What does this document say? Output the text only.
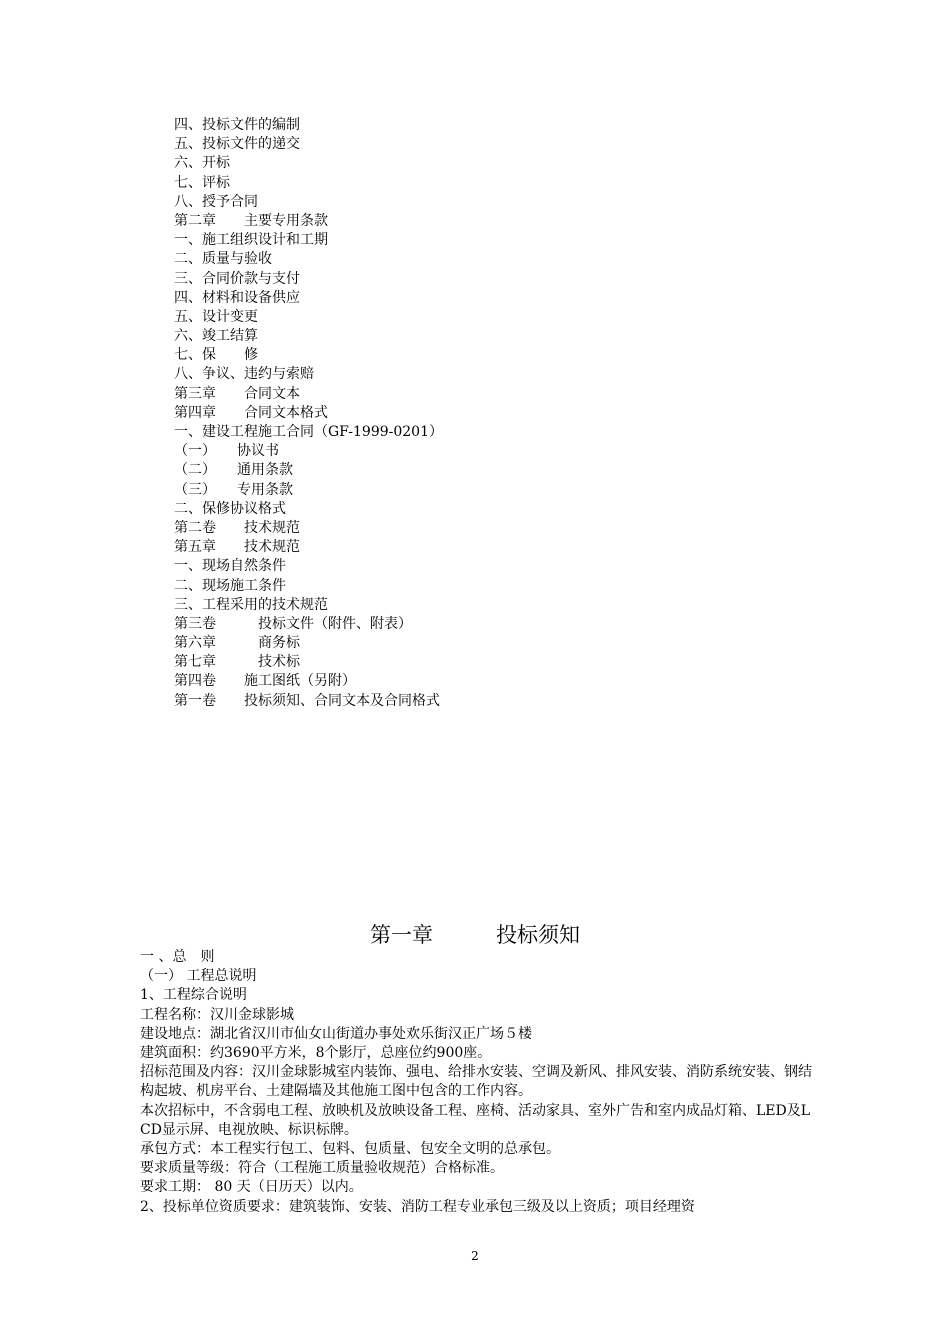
四、投标文件的编制
五、投标文件的递交
六、开标
七、评标
八、授予合同
第二章　　主要专用条款
一、施工组织设计和工期
二、质量与验收
三、合同价款与支付
四、材料和设备供应
五、设计变更
六、竣工结算
七、保　　修
八、争议、违约与索赔
第三章　　合同文本
第四章　　合同文本格式
一、建设工程施工合同（GF-1999-0201）
（一）　　协议书
（二）　　通用条款
（三）　　专用条款
二、保修协议格式
第二卷　　技术规范
第五章　　技术规范
一、现场自然条件
二、现场施工条件
三、工程采用的技术规范
第三卷　　　投标文件（附件、附表）
第六章　　　商务标
第七章　　　技术标
第四卷　　施工图纸（另附）
第一卷　　投标须知、合同文本及合同格式
第一章　　　投标须知
一 、总　则
（一） 工程总说明
1、工程综合说明
工程名称：汉川金球影城
建设地点：湖北省汉川市仙女山街道办事处欢乐街汉正广场５楼
建筑面积：约3690平方米，8个影厅，总座位约900座。
招标范围及内容：汉川金球影城室内装饰、强电、给排水安装、空调及新风、排风安装、消防系统安装、钢结构起坡、机房平台、土建隔墙及其他施工图中包含的工作内容。
本次招标中，不含弱电工程、放映机及放映设备工程、座椅、活动家具、室外广告和室内成品灯箱、LED及LCD显示屏、电视放映、标识标牌。
承包方式：本工程实行包工、包料、包质量、包安全文明的总承包。
要求质量等级：符合（工程施工质量验收规范）合格标准。
要求工期： 80 天（日历天）以内。
2、投标单位资质要求：建筑装饰、安装、消防工程专业承包三级及以上资质；项目经理资
2
